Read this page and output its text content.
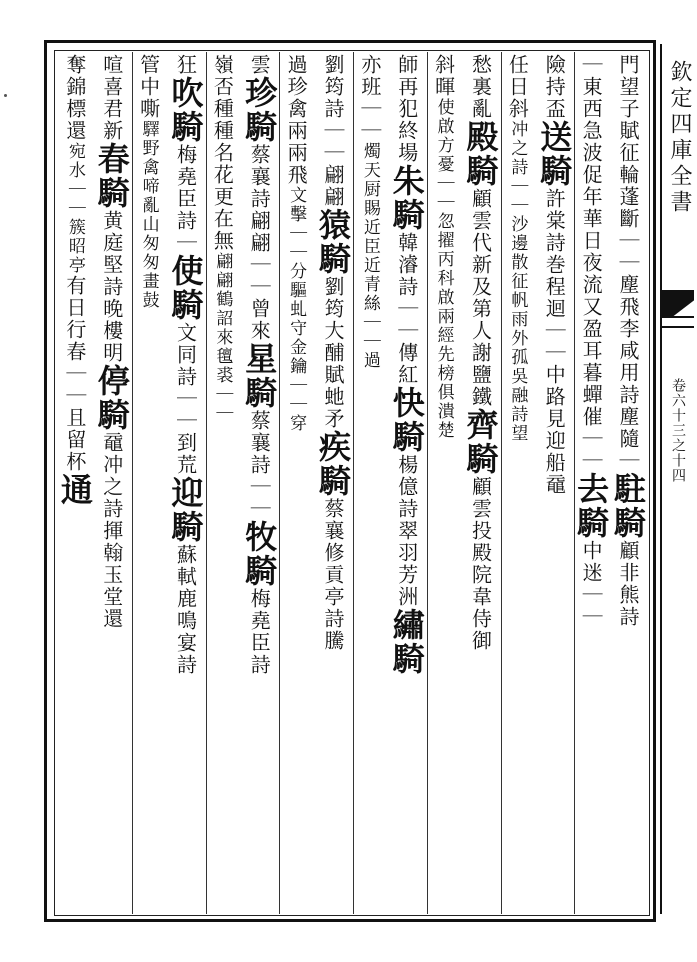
欽定四庫全書
卷六十三之十四
門望子賦征輪蓬斷｜｜塵飛李咸用詩塵隨｜駐騎顧非熊詩
｜東西急波促年華日夜流又盈耳暮蟬催｜｜去騎中迷｜｜
險持盃送騎許棠詩巻程迴｜｜中路見迎船黿
任日斜冲之詩｜｜沙邊散征帆雨外孤吳融詩望
愁裏亂殿騎顧雲代新及第人謝鹽鐵齊騎顧雲投殿院韋侍御
斜暉使啟方憂｜｜忽擢丙科啟兩經先榜俱潰楚
師再犯終場朱騎韓濬詩｜｜傳紅快騎楊億詩翠羽芳洲繡騎
亦班｜｜燭天厨賜近臣近青絲｜｜過
劉筠詩｜｜翩翩猿騎劉筠大酺賦虵矛疾騎蔡襄修貢亭詩騰
過珍禽兩兩飛文擊｜｜分驅虬守金鑰｜｜穿
雲珍騎蔡襄詩翩翩｜｜曾來星騎蔡襄詩｜｜牧騎梅堯臣詩
嶺否種種名花更在無翩翩鶴詔來氊裘｜｜
狂吹騎梅堯臣詩｜使騎文同詩｜｜到荒迎騎蘇軾鹿鳴宴詩
管中嘶驛野禽啼亂山匆匆畫鼓
喧喜君新春騎黄庭堅詩晚樓明停騎黿冲之詩揮翰玉堂還
奪錦標還宛水｜｜簇昭亭有日行春｜｜且留杯通
